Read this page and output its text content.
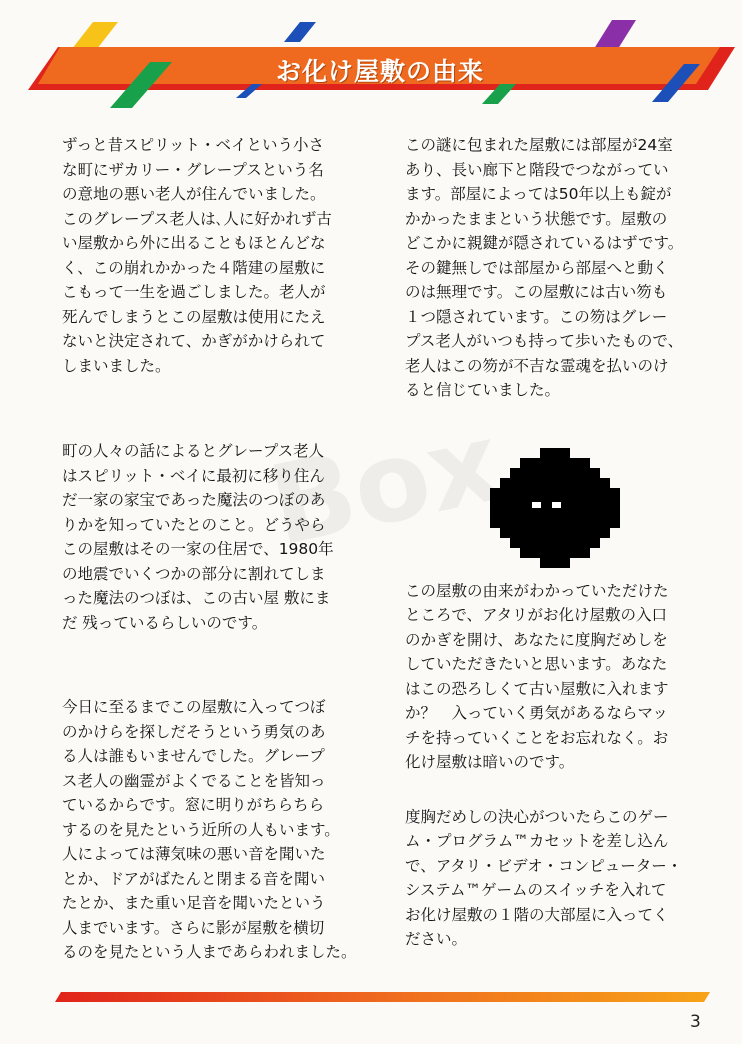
お化け屋敷の由来
Box

ずっと昔スピリット・ベイという小さ
な町にザカリー・グレープスという名
の意地の悪い老人が住んでいました。
このグレープス老人は､人に好かれず古
い屋敷から外に出ることもほとんどな
く、この崩れかかった４階建の屋敷に
こもって一生を過ごしました。老人が
死んでしまうとこの屋敷は使用にたえ
ないと決定されて、かぎがかけられて
しまいました。

町の人々の話によるとグレープス老人
はスピリット・ベイに最初に移り住ん
だ一家の家宝であった魔法のつぼのあ
りかを知っていたとのこと。どうやら
この屋敷はその一家の住居で、1980年
の地震でいくつかの部分に割れてしま
った魔法のつぼは、この古い屋 敷にま
だ 残っているらしいのです。

今日に至るまでこの屋敷に入ってつぼ
のかけらを探しだそうという勇気のあ
る人は誰もいませんでした。グレープ
ス老人の幽霊がよくでることを皆知っ
ているからです。窓に明りがちらちら
するのを見たという近所の人もいます。
人によっては薄気味の悪い音を聞いた
とか、ドアがばたんと閉まる音を聞い
たとか、また重い足音を聞いたという
人までいます。さらに影が屋敷を横切
るのを見たという人まであらわれました。

この謎に包まれた屋敷には部屋が24室
あり、長い廊下と階段でつながってい
ます。部屋によっては50年以上も錠が
かかったままという状態です。屋敷の
どこかに親鍵が隠されているはずです。
その鍵無しでは部屋から部屋へと動く
のは無理です。この屋敷には古い笏も
１つ隠されています。この笏はグレー
プス老人がいつも持って歩いたもので、
老人はこの笏が不吉な霊魂を払いのけ
ると信じていました。

この屋敷の由来がわかっていただけた
ところで、アタリがお化け屋敷の入口
のかぎを開け、あなたに度胸だめしを
していただきたいと思います。あなた
はこの恐ろしくて古い屋敷に入れます
か？　入っていく勇気があるならマッ
チを持っていくことをお忘れなく。お
化け屋敷は暗いのです。

度胸だめしの決心がついたらこのゲー
ム・プログラム™カセットを差し込ん
で、アタリ・ビデオ・コンピューター・
システム™ゲームのスイッチを入れて
お化け屋敷の１階の大部屋に入ってく
ださい。

3
